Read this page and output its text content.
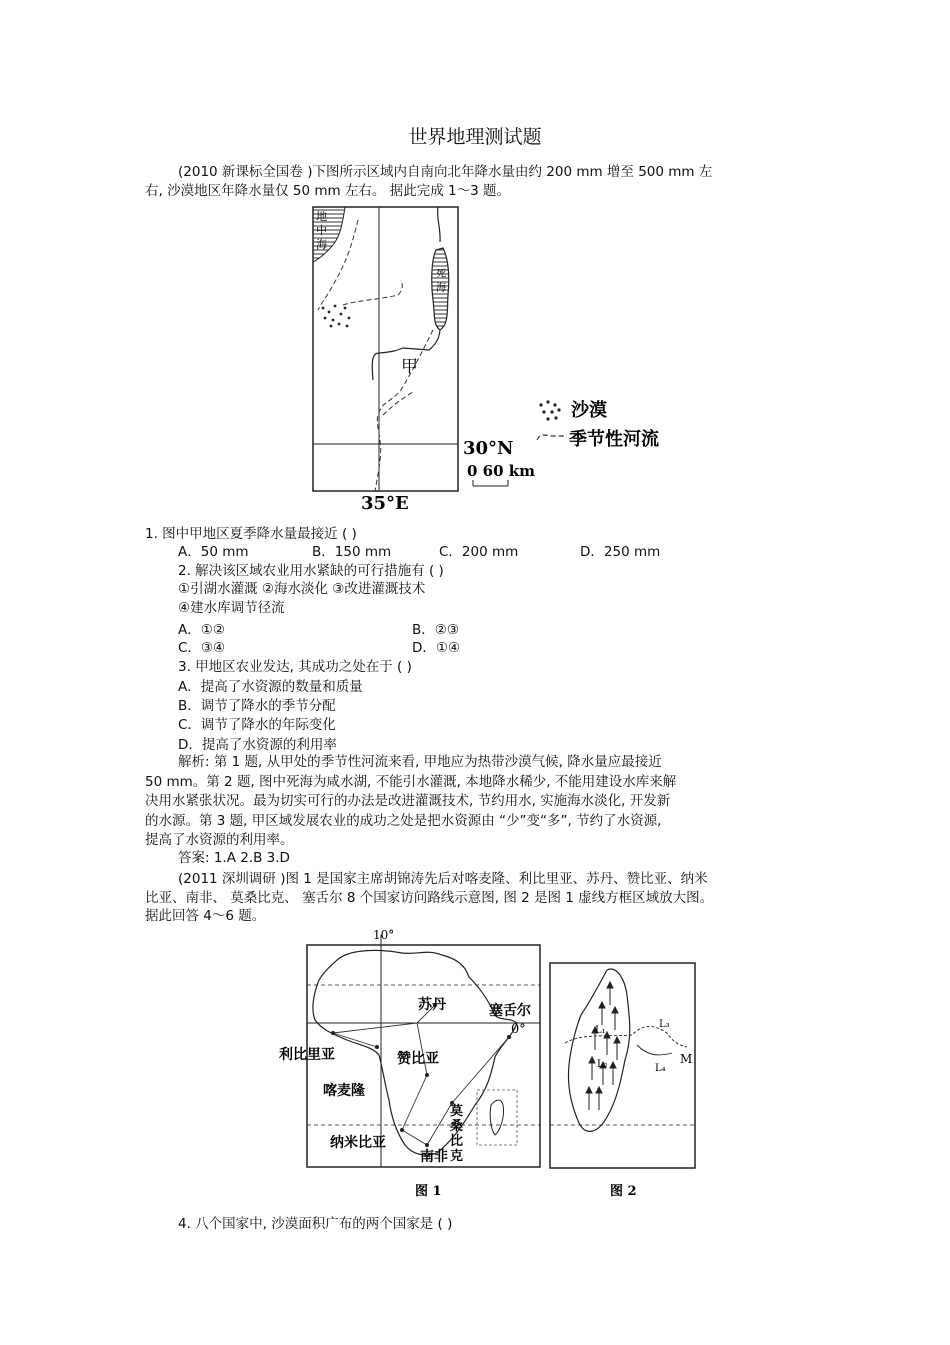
世界地理测试题
(2010 新课标全国卷 )下图所示区域内自南向北年降水量由约 200 mm 增至 500 mm 左
右, 沙漠地区年降水量仅 50 mm 左右。 据此完成 1～3 题。
地
中
海
死
海
甲
沙漠
季节性河流
30°N
0 60 km
35°E
1. 图中甲地区夏季降水量最接近 ( )
A．50 mm	B．150 mm	C．200 mm	D．250 mm
2. 解决该区域农业用水紧缺的可行措施有 ( )
①引湖水灌溉 ②海水淡化 ③改进灌溉技术
④建水库调节径流
A．①②	B．②③
C．③④	D．①④
3. 甲地区农业发达, 其成功之处在于 ( )
A．提高了水资源的数量和质量
B．调节了降水的季节分配
C．调节了降水的年际变化
D．提高了水资源的利用率
解析: 第 1 题, 从甲处的季节性河流来看, 甲地应为热带沙漠气候, 降水量应最接近
50 mm。第 2 题, 图中死海为咸水湖, 不能引水灌溉, 本地降水稀少, 不能用建设水库来解
决用水紧张状况。最为切实可行的办法是改进灌溉技术, 节约用水, 实施海水淡化, 开发新
的水源。第 3 题, 甲区域发展农业的成功之处是把水资源由 “少”变“多”, 节约了水资源,
提高了水资源的利用率。
答案: 1.A 2.B 3.D
(2011 深圳调研 )图 1 是国家主席胡锦涛先后对喀麦隆、利比里亚、苏丹、赞比亚、纳米
比亚、南非、 莫桑比克、 塞舌尔 8 个国家访问路线示意图, 图 2 是图 1 虚线方框区域放大图。
据此回答 4～6 题。
10°
0°
苏丹
利比里亚
喀麦隆
赞比亚
塞舌尔
莫
桑
比
克
纳米比亚
南非
图 1
L₁
L₂
L₃
L₄
M
图 2
4. 八个国家中, 沙漠面积广布的两个国家是 ( )
